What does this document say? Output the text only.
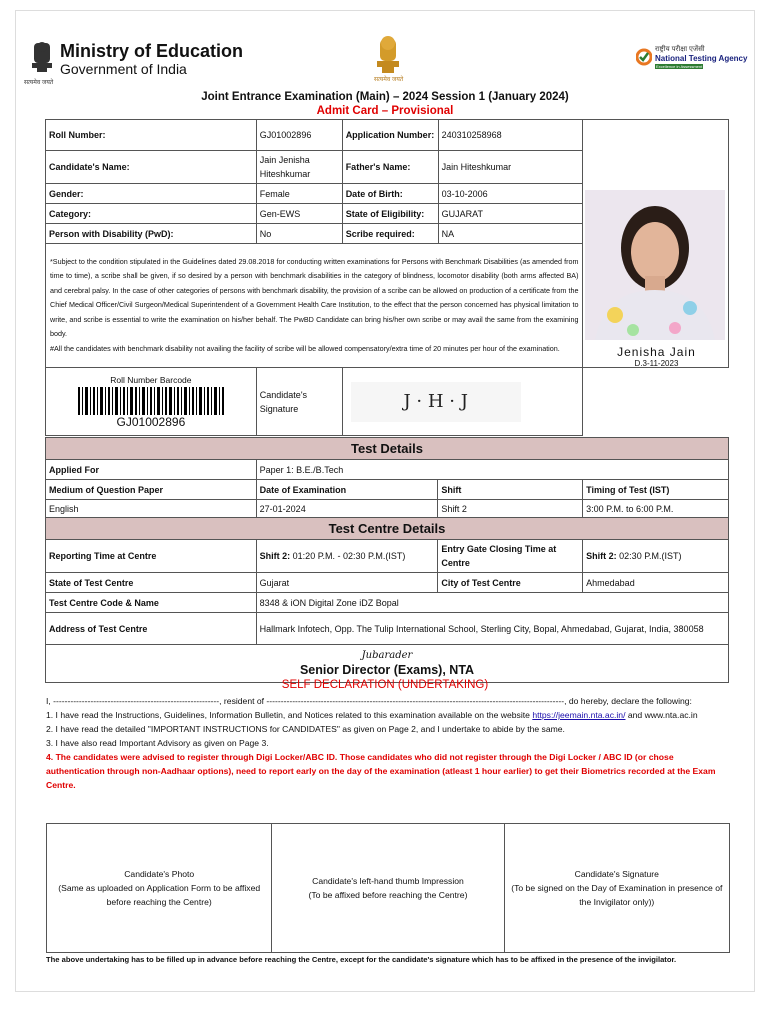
सत्यमेव जयते
Ministry of Education
Government of India
सत्यमेव जयते
राष्ट्रीय परीक्षा एजेंसी
National Testing Agency
Excellence in Assessment
Joint Entrance Examination (Main) – 2024 Session 1 (January 2024)
Admit Card – Provisional
Roll Number:	GJ01002896	Application Number:	240310258968	Jenisha Jain
D.3-11-2023

Candidate's Name:	Jain Jenisha Hiteshkumar	Father's Name:	Jain Hiteshkumar	
Gender:	Female	Date of Birth:	03-10-2006	
Category:	Gen-EWS	State of Eligibility:	GUJARAT	
Person with Disability (PwD):	No	Scribe required:	NA	

*Subject to the condition stipulated in the Guidelines dated 29.08.2018 for conducting written examinations for Persons with Benchmark Disabilities (as amended from time to time), a scribe shall be given, if so desired by a person with benchmark disabilities in the category of blindness, locomotor disability (both arms affected BA) and cerebral palsy. In the case of other categories of persons with benchmark disability, the provision of a scribe can be allowed on production of a certificate from the Chief Medical Officer/Civil Surgeon/Medical Superintendent of a Government Health Care Institution, to the effect that the person concerned has physical limitation to write, and scribe is essential to write the examination on his/her behalf. The PwBD Candidate can bring his/her own scribe or may avail the same from the examining body.
#All the candidates with benchmark disability not availing the facility of scribe will be allowed compensatory/extra time of 20 minutes per hour of the examination.				

Roll Number Barcode
GJ01002896	Candidate's Signature	J · H · J		
Test Details			
Applied For	Paper 1: B.E./B.Tech		
Medium of Question Paper	Date of Examination	Shift	Timing of Test (IST)
English	27-01-2024	Shift 2	3:00 P.M. to 6:00 P.M.
Test Centre Details			
Reporting Time at Centre	Shift 2: 01:20 P.M. - 02:30 P.M.(IST)	Entry Gate Closing Time at Centre	Shift 2: 02:30 P.M.(IST)
State of Test Centre	Gujarat	City of Test Centre	Ahmedabad
Test Centre Code & Name	8348 & iON Digital Zone iDZ Bopal		
Address of Test Centre	Hallmark Infotech, Opp. The Tulip International School, Sterling City, Bopal, Ahmedabad, Gujarat, India, 380058		

Jubarader
Senior Director (Exams), NTA			
SELF DECLARATION (UNDERTAKING)
I, ----------------------------------------------------------, resident of --------------------------------------------------------------------------------------------------------, do hereby, declare the following:
1. I have read the Instructions, Guidelines, Information Bulletin, and Notices related to this examination available on the website https://jeemain.nta.ac.in/ and www.nta.ac.in
2. I have read the detailed "IMPORTANT INSTRUCTIONS for CANDIDATES" as given on Page 2, and I undertake to abide by the same.
3. I have also read Important Advisory as given on Page 3.
4. The candidates were advised to register through Digi Locker/ABC ID. Those candidates who did not register through the Digi Locker / ABC ID (or chose authentication through non-Aadhaar options), need to report early on the day of the examination (atleast 1 hour earlier) to get their Biometrics recorded at the Exam Centre.
Candidate's Photo
(Same as uploaded on Application Form to be affixed before reaching the Centre)

Candidate's left-hand thumb Impression
(To be affixed before reaching the Centre)

Candidate's Signature
(To be signed on the Day of Examination in presence of the Invigilator only))
The above undertaking has to be filled up in advance before reaching the Centre, except for the candidate's signature which has to be affixed in the presence of the invigilator.
